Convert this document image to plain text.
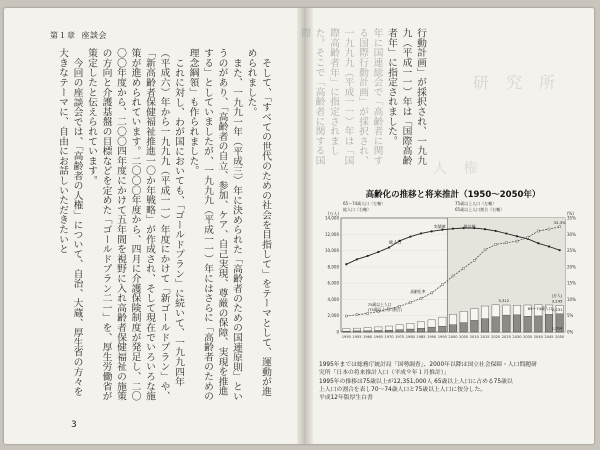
第１章 座談会

そして、「すべての世代のための社会を目指して」をテーマとして、運動が進められました。

また、一九九一年（平成三）年に決められた「高齢者のための国連原則」というのがあり、「高齢者の自立、参加、ケア、自己実現、尊厳の保障、実現を推進する」としていましたが、一九九九（平成一一）年にはさらに「高齢者のための理念綱領」も作られました。

これに対し、わが国においても、「ゴールドプラン」に続いて、一九九四年（平成六）年から一九九九（平成一一）年度にかけて「新ゴールドプラン」や、「新高齢者保健福祉推進一〇か年戦略」が作成され、そして現在でいろいろな施策が進められています。二〇〇〇年度から、四月に介護保険制度が発足し、二〇〇〇年度から、二〇〇四年度にかけて五年間を視野に入れ高齢者保健福祉の施策の方向と介護基盤の目標などを定めた「ゴールドプラン二一」を、厚生労働省が策定したと伝えられています。

今回の座談会では、「高齢者の人権」について、自治、大蔵、厚生省の方々を大きなテーマに、自由にお話しいただきたいと

3
研 究 所
人 権

行動計画」が採択され、一九九九（平成一一）年は「国際高齢者年」に指定されました。

年に国連総会で「高齢者に関する国際行動計画」が採択され、一九九九（平成一一）年は「国際高齢者年」に指定されました。そこで「高齢者に関する国際

高齢化の推移と将来推計（1950〜2050年）
0
2,000
4,000
6,000
8,000
10,000
12,000
14,000
0%
5%
10%
15%
20%
25%
30%
35%
1950 1955 1960 1965 1970 1975 1980 1985 1990 1995 2000 2005 2010 2015 2020 2025 2030 2035 2040 2045 2050
(万人)	(%)
65〜74歳人口（左軸）	75歳以上人口（左軸）
総人口（右軸）	65歳以上人口割合（右軸）
総人口
75歳以上人口
(75歳以上人口割合)	65〜74歳人口
高齢化率
実績値	推計値
3,245
3,312
2,231
1,014
(万人)
32.3%
1995年までは総務庁統計局「国勢調査」、2000年以降は国立社会保障・人口問題研
究所「日本の将来推計人口（平成９年１月推計）」
1995年の推移は75歳以上が12,351,000人 65歳以上人口に占める75歳以
上人口の割合を表し70〜74歳人口と75歳以上人口に按分した。
平成12年版厚生白書
